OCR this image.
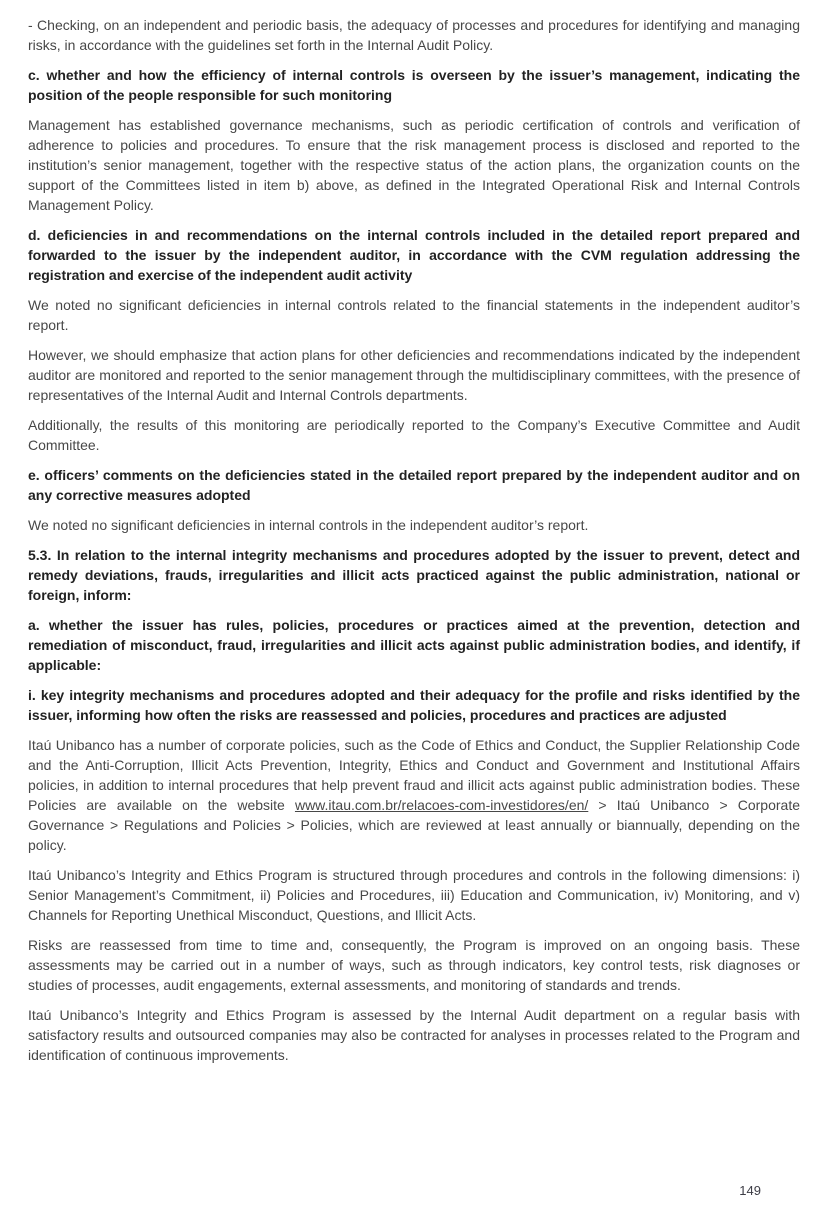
- Checking, on an independent and periodic basis, the adequacy of processes and procedures for identifying and managing risks, in accordance with the guidelines set forth in the Internal Audit Policy.

c. whether and how the efficiency of internal controls is overseen by the issuer’s management, indicating the position of the people responsible for such monitoring

Management has established governance mechanisms, such as periodic certification of controls and verification of adherence to policies and procedures. To ensure that the risk management process is disclosed and reported to the institution’s senior management, together with the respective status of the action plans, the organization counts on the support of the Committees listed in item b) above, as defined in the Integrated Operational Risk and Internal Controls Management Policy.

d. deficiencies in and recommendations on the internal controls included in the detailed report prepared and forwarded to the issuer by the independent auditor, in accordance with the CVM regulation addressing the registration and exercise of the independent audit activity

We noted no significant deficiencies in internal controls related to the financial statements in the independent auditor’s report.

However, we should emphasize that action plans for other deficiencies and recommendations indicated by the independent auditor are monitored and reported to the senior management through the multidisciplinary committees, with the presence of representatives of the Internal Audit and Internal Controls departments.

Additionally, the results of this monitoring are periodically reported to the Company’s Executive Committee and Audit Committee.

e. officers’ comments on the deficiencies stated in the detailed report prepared by the independent auditor and on any corrective measures adopted

We noted no significant deficiencies in internal controls in the independent auditor’s report.

5.3. In relation to the internal integrity mechanisms and procedures adopted by the issuer to prevent, detect and remedy deviations, frauds, irregularities and illicit acts practiced against the public administration, national or foreign, inform:

a. whether the issuer has rules, policies, procedures or practices aimed at the prevention, detection and remediation of misconduct, fraud, irregularities and illicit acts against public administration bodies, and identify, if applicable:

i. key integrity mechanisms and procedures adopted and their adequacy for the profile and risks identified by the issuer, informing how often the risks are reassessed and policies, procedures and practices are adjusted

Itaú Unibanco has a number of corporate policies, such as the Code of Ethics and Conduct, the Supplier Relationship Code and the Anti-Corruption, Illicit Acts Prevention, Integrity, Ethics and Conduct and Government and Institutional Affairs policies, in addition to internal procedures that help prevent fraud and illicit acts against public administration bodies. These Policies are available on the website www.itau.com.br/relacoes-com-investidores/en/ > Itaú Unibanco > Corporate Governance > Regulations and Policies > Policies, which are reviewed at least annually or biannually, depending on the policy.

Itaú Unibanco’s Integrity and Ethics Program is structured through procedures and controls in the following dimensions: i) Senior Management’s Commitment, ii) Policies and Procedures, iii) Education and Communication, iv) Monitoring, and v) Channels for Reporting Unethical Misconduct, Questions, and Illicit Acts.

Risks are reassessed from time to time and, consequently, the Program is improved on an ongoing basis. These assessments may be carried out in a number of ways, such as through indicators, key control tests, risk diagnoses or studies of processes, audit engagements, external assessments, and monitoring of standards and trends.

Itaú Unibanco’s Integrity and Ethics Program is assessed by the Internal Audit department on a regular basis with satisfactory results and outsourced companies may also be contracted for analyses in processes related to the Program and identification of continuous improvements.

149
